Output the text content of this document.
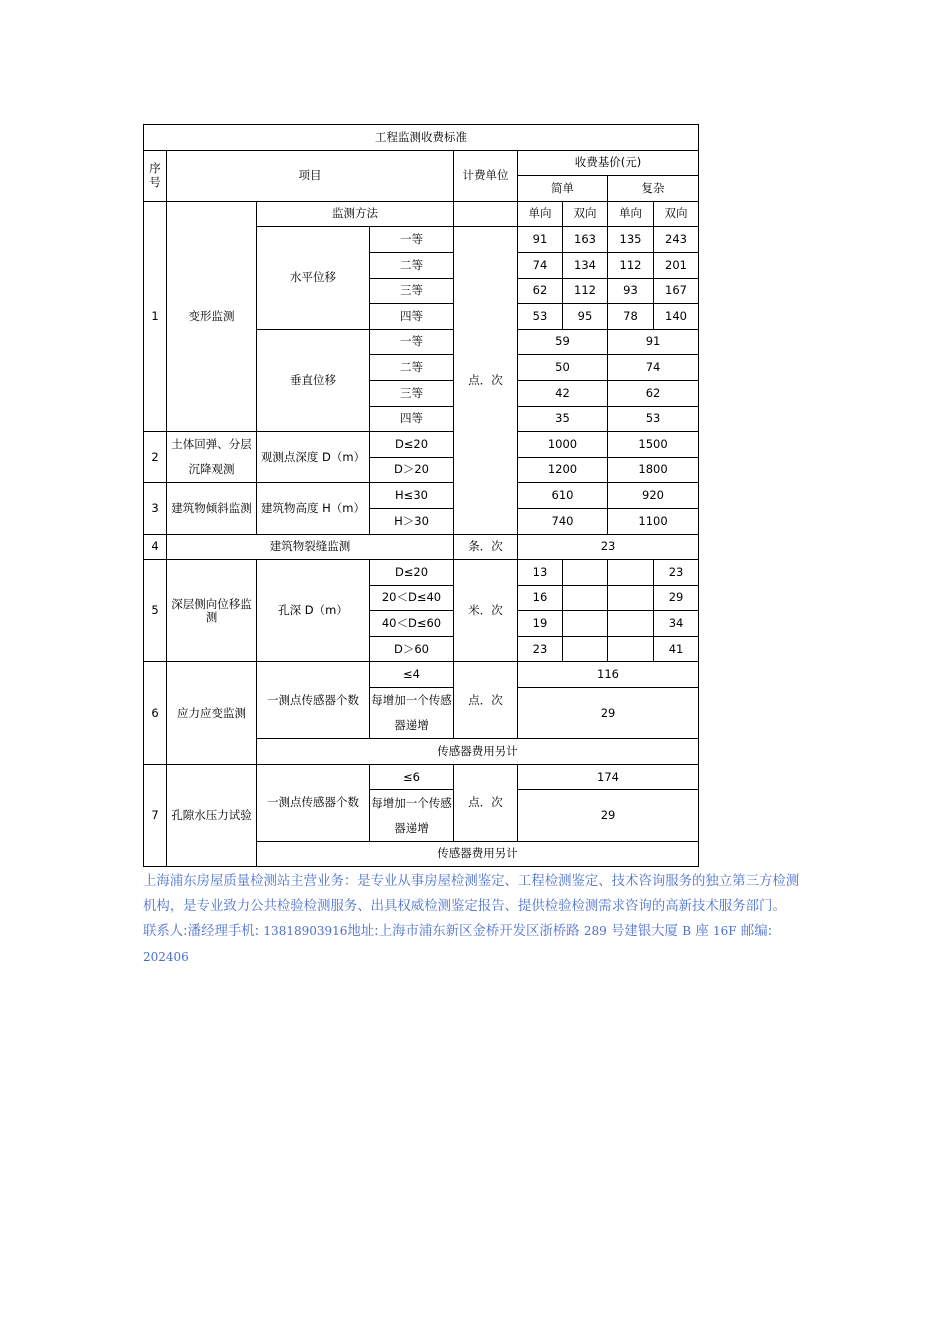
工程监测收费标准								
序号	项目			计费单位	收费基价(元)			
					简单		复杂	
1	变形监测	监测方法			单向	双向	单向	双向
		水平位移	一等	点．次	91	163	135	243
			二等		74	134	112	201
			三等		62	112	93	167
			四等		53	95	78	140
		垂直位移	一等		59		91	
			二等		50		74	
			三等		42		62	
			四等		35		53	
2	土体回弹、分层沉降观测	观测点深度 D（m）	D≤20		1000		1500	
			D＞20		1200		1800	
3	建筑物倾斜监测	建筑物高度 H（m）	H≤30		610		920	
			H＞30		740		1100	
4	建筑物裂缝监测			条．次	23			
5	深层侧向位移监测	孔深 D（m）	D≤20	米．次	13			23
			20＜D≤40		16			29
			40＜D≤60		19			34
			D＞60		23			41
6	应力应变监测	一测点传感器个数	≤4	点．次	116			
			每增加一个传感器递增		29			

		传感器费用另计						
7	孔隙水压力试验	一测点传感器个数	≤6	点．次	174			
			每增加一个传感器递增		29			

		传感器费用另计						
上海浦东房屋质量检测站主营业务：是专业从事房屋检测鉴定、工程检测鉴定、技术咨询服务的独立第三方检测机构，是专业致力公共检验检测服务、出具权威检测鉴定报告、提供检验检测需求咨询的高新技术服务部门。
联系人:潘经理手机: 13818903916地址:上海市浦东新区金桥开发区浙桥路 289 号建银大厦 B 座 16F 邮编:
202406
